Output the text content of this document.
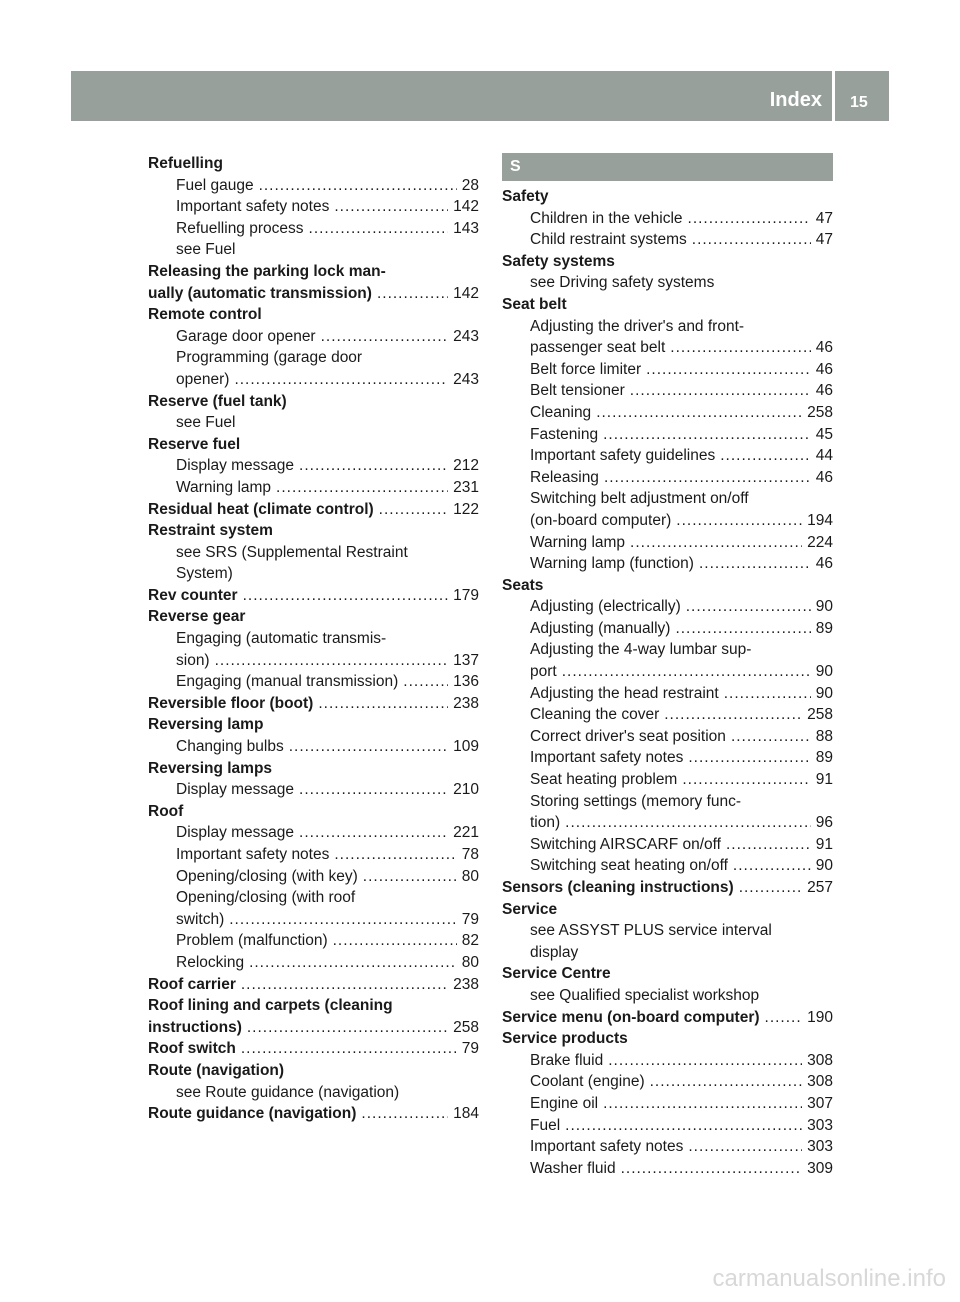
Index 15
Refuelling
Fuel gauge .....	28
Important safety notes .....	142
Refuelling process .....	143
see Fuel
Releasing the parking lock man-
ually (automatic transmission) .....	142
Remote control
Garage door opener .....	243
Programming (garage door
opener) .....	243
Reserve (fuel tank)
see Fuel
Reserve fuel
Display message .....	212
Warning lamp .....	231
Residual heat (climate control) .....	122
Restraint system
see SRS (Supplemental Restraint
System)
Rev counter .....	179
Reverse gear
Engaging (automatic transmis-
sion) .....	137
Engaging (manual transmission) .....	136
Reversible floor (boot) .....	238
Reversing lamp
Changing bulbs .....	109
Reversing lamps
Display message .....	210
Roof
Display message .....	221
Important safety notes .....	78
Opening/closing (with key) .....	80
Opening/closing (with roof
switch) .....	79
Problem (malfunction) .....	82
Relocking .....	80
Roof carrier .....	238
Roof lining and carpets (cleaning
instructions) .....	258
Roof switch .....	79
Route (navigation)
see Route guidance (navigation)
Route guidance (navigation) .....	184
S
Safety
Children in the vehicle .....	47
Child restraint systems .....	47
Safety systems
see Driving safety systems
Seat belt
Adjusting the driver's and front-
passenger seat belt .....	46
Belt force limiter .....	46
Belt tensioner .....	46
Cleaning .....	258
Fastening .....	45
Important safety guidelines .....	44
Releasing .....	46
Switching belt adjustment on/off
(on-board computer) .....	194
Warning lamp .....	224
Warning lamp (function) .....	46
Seats
Adjusting (electrically) .....	90
Adjusting (manually) .....	89
Adjusting the 4-way lumbar sup-
port .....	90
Adjusting the head restraint .....	90
Cleaning the cover .....	258
Correct driver's seat position .....	88
Important safety notes .....	89
Seat heating problem .....	91
Storing settings (memory func-
tion) .....	96
Switching AIRSCARF on/off .....	91
Switching seat heating on/off .....	90
Sensors (cleaning instructions) .....	257
Service
see ASSYST PLUS service interval
display
Service Centre
see Qualified specialist workshop
Service menu (on-board computer) .....	190
Service products
Brake fluid .....	308
Coolant (engine) .....	308
Engine oil .....	307
Fuel .....	303
Important safety notes .....	303
Washer fluid .....	309
carmanualsonline.info
